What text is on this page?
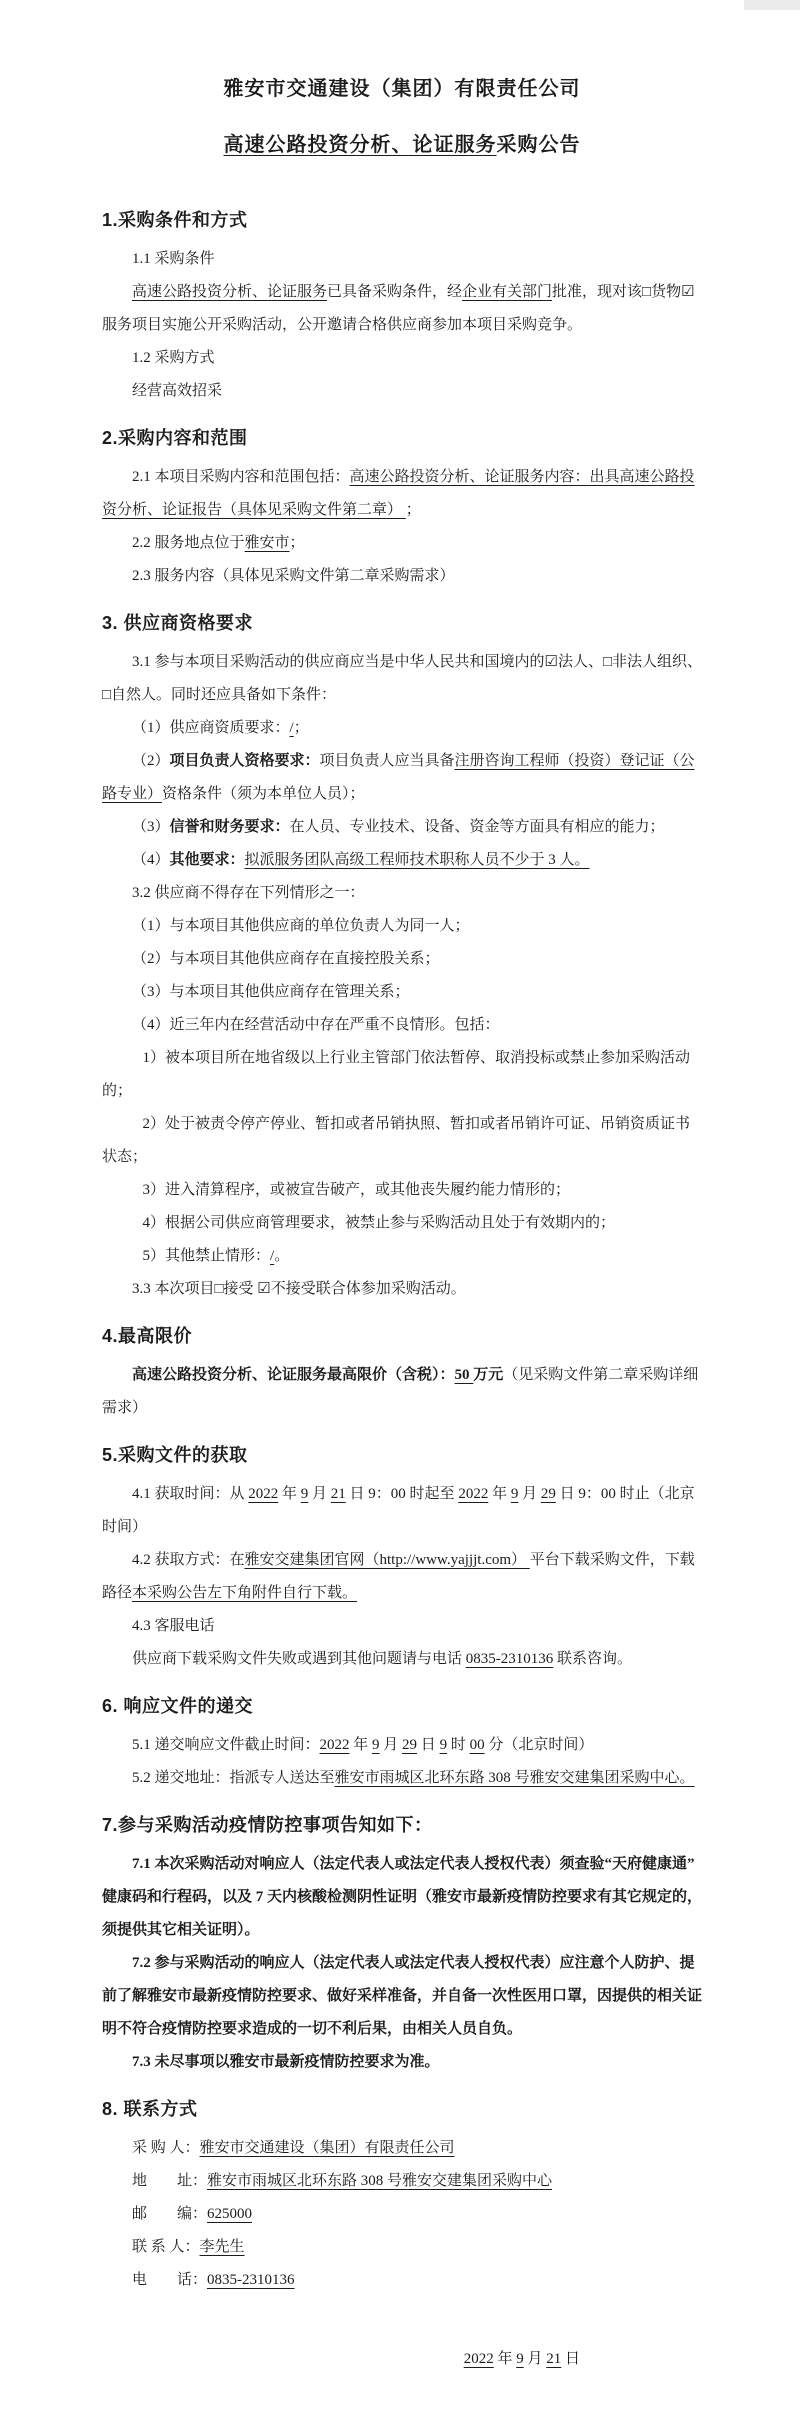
雅安市交通建设（集团）有限责任公司

高速公路投资分析、论证服务采购公告

1.采购条件和方式

1.1 采购条件

高速公路投资分析、论证服务已具备采购条件，经企业有关部门批准，现对该□货物☑服务项目实施公开采购活动，公开邀请合格供应商参加本项目采购竞争。

1.2 采购方式

经营高效招采

2.采购内容和范围

2.1 本项目采购内容和范围包括：高速公路投资分析、论证服务内容：出具高速公路投资分析、论证报告（具体见采购文件第二章） ；

2.2 服务地点位于雅安市；

2.3 服务内容（具体见采购文件第二章采购需求）

3. 供应商资格要求

3.1 参与本项目采购活动的供应商应当是中华人民共和国境内的☑法人、□非法人组织、□自然人。同时还应具备如下条件：

（1）供应商资质要求：/；

（2）项目负责人资格要求：项目负责人应当具备注册咨询工程师（投资）登记证（公路专业）资格条件（须为本单位人员）；

（3）信誉和财务要求：在人员、专业技术、设备、资金等方面具有相应的能力；

（4）其他要求：拟派服务团队高级工程师技术职称人员不少于 3 人。

3.2 供应商不得存在下列情形之一：

（1）与本项目其他供应商的单位负责人为同一人；

（2）与本项目其他供应商存在直接控股关系；

（3）与本项目其他供应商存在管理关系；

（4）近三年内在经营活动中存在严重不良情形。包括：

1）被本项目所在地省级以上行业主管部门依法暂停、取消投标或禁止参加采购活动的；

2）处于被责令停产停业、暂扣或者吊销执照、暂扣或者吊销许可证、吊销资质证书状态；

3）进入清算程序，或被宣告破产，或其他丧失履约能力情形的；

4）根据公司供应商管理要求，被禁止参与采购活动且处于有效期内的；

5）其他禁止情形：/。

3.3 本次项目□接受 ☑不接受联合体参加采购活动。

4.最高限价

高速公路投资分析、论证服务最高限价（含税）：50 万元（见采购文件第二章采购详细需求）

5.采购文件的获取

4.1 获取时间：从 2022 年 9 月 21 日 9：00 时起至 2022 年 9 月 29 日 9：00 时止（北京时间）

4.2 获取方式：在雅安交建集团官网（http://www.yajjjt.com） 平台下载采购文件，下载路径本采购公告左下角附件自行下载。

4.3 客服电话

供应商下载采购文件失败或遇到其他问题请与电话 0835-2310136 联系咨询。

6. 响应文件的递交

5.1 递交响应文件截止时间：2022 年 9 月 29 日 9 时 00 分（北京时间）

5.2 递交地址：指派专人送达至雅安市雨城区北环东路 308 号雅安交建集团采购中心。

7.参与采购活动疫情防控事项告知如下：

7.1 本次采购活动对响应人（法定代表人或法定代表人授权代表）须查验“天府健康通”健康码和行程码，以及 7 天内核酸检测阴性证明（雅安市最新疫情防控要求有其它规定的，须提供其它相关证明）。

7.2 参与采购活动的响应人（法定代表人或法定代表人授权代表）应注意个人防护、提前了解雅安市最新疫情防控要求、做好采样准备，并自备一次性医用口罩，因提供的相关证明不符合疫情防控要求造成的一切不利后果，由相关人员自负。

7.3 未尽事项以雅安市最新疫情防控要求为准。

8. 联系方式

采 购 人：雅安市交通建设（集团）有限责任公司

地　　址：雅安市雨城区北环东路 308 号雅安交建集团采购中心

邮　　编：625000

联 系 人：李先生

电　　话：0835-2310136

2022 年 9 月 21 日
